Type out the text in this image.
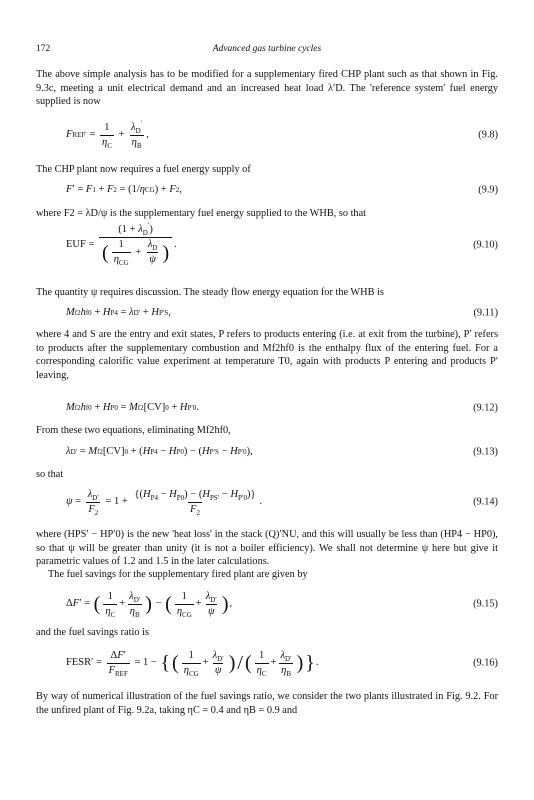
172	Advanced gas turbine cycles

The above simple analysis has to be modified for a supplementary fired CHP plant such as that shown in Fig. 9.3c, meeting a unit electrical demand and an increased heat load λ′D. The 'reference system' fuel energy supplied is now

F REF ′ = $\frac{1}{\eta_C} + \frac{\lambda_D'}{\eta_B}$ ,	(9.8)

The CHP plant now requires a fuel energy supply of

F ′ = F 1 + F 2 = (1/ η CG ) + F 2 ,	(9.9)

where F2 = λD/ψ is the supplementary fuel energy supplied to the WHB, so that

EUF = $\frac{(1 + \lambda_D')}{( \frac{1}{\eta_{CG}} + \frac{\lambda_D}{\psi} )}$ .	(9.10)

The quantity ψ requires discussion. The steady flow energy equation for the WHB is

M f2 h f0 + H P4 = λ D ′ + H P′S ,	(9.11)

where 4 and S are the entry and exit states, P refers to products entering (i.e. at exit from the turbine), P′ refers to products after the supplementary combustion and Mf2hf0 is the enthalpy flux of the entering fuel. For a corresponding calorific value experiment at temperature T0, again with products P entering and products P′ leaving,

M f2 h f0 + H P0 = M f2 [CV] 0 + H P′0 .	(9.12)

From these two equations, eliminating Mf2hf0,

λ D ′ = M f2 [CV] 0 + ( H P4 − H P0 ) − ( H P′S − H P′0 ),	(9.13)

so that

$\psi = \frac{\lambda_{D'}}{F_2} = 1 + \frac{\{(H_{P4} - H_{P0}) - (H_{PS'} - H_{P'0})\}}{F_2}$ .	(9.14)

where (HPS′ − HP′0) is the new 'heat loss' in the stack (Q)′NU, and this will usually be less than (HP4 − HP0), so that ψ will be greater than unity (it is not a boiler efficiency). We shall not determine ψ here but give it parametric values of 1.2 and 1.5 in the later calculations.

The fuel savings for the supplementary fired plant are given by

Δ F ′ = ( $\frac{1}{\eta_C} + \frac{\lambda_{D'}}{\eta_B}$ ) − ( $\frac{1}{\eta_{CG}} + \frac{\lambda_{D'}}{\psi}$ ) ,	(9.15)

and the fuel savings ratio is

FESR′ = $\frac{\Delta F'}{F_{REF}} = 1$ − { ( $\frac{1}{\eta_{CG}} + \frac{\lambda_{D'}}{\psi}$ ) / ( $\frac{1}{\eta_C} + \frac{\lambda_{D'}}{\eta_B}$ ) } .	(9.16)

By way of numerical illustration of the fuel savings ratio, we consider the two plants illustrated in Fig. 9.2. For the unfired plant of Fig. 9.2a, taking ηC = 0.4 and ηB = 0.9 and
